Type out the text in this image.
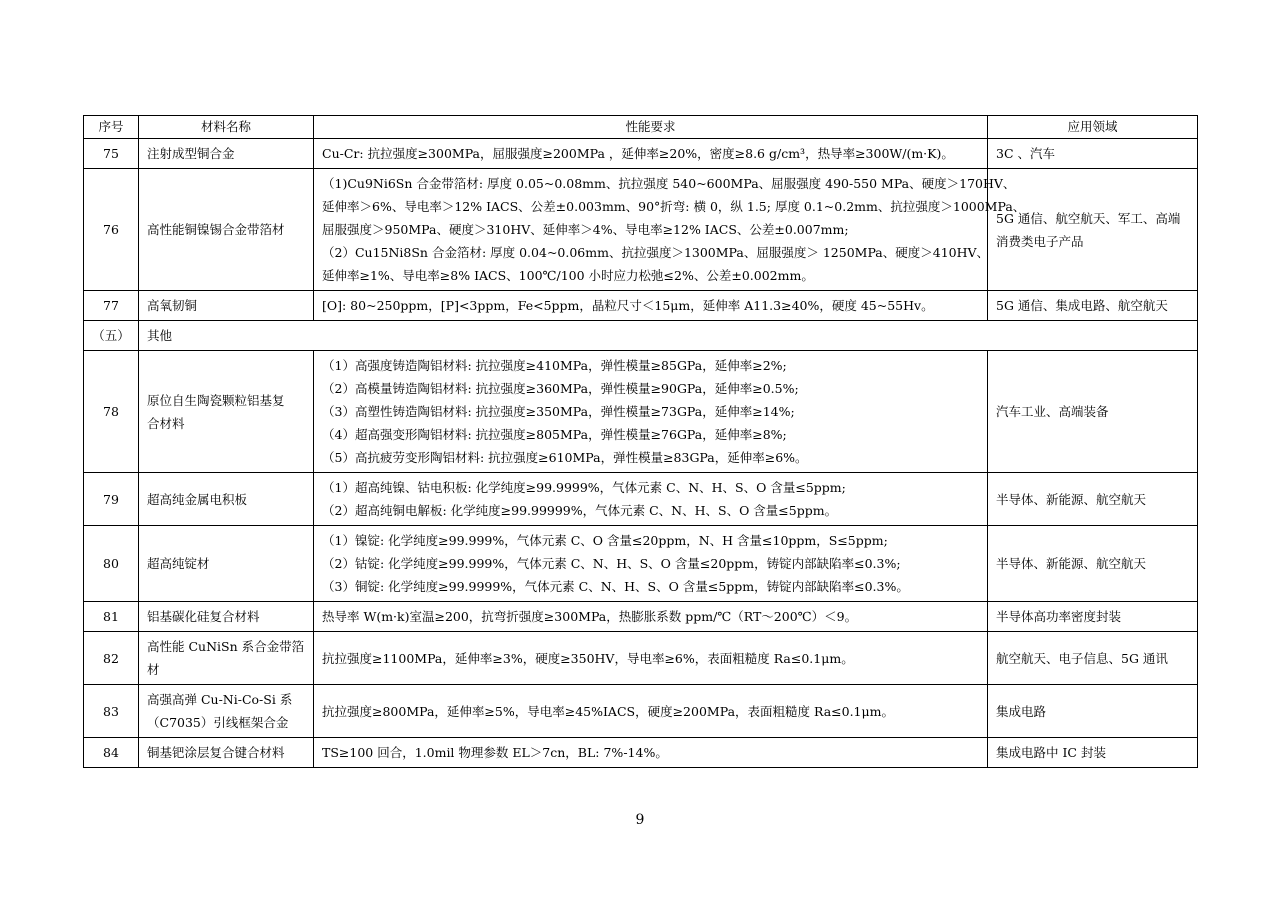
序号	材料名称	性能要求	应用领域
75	注射成型铜合金	Cu-Cr: 抗拉强度≥300MPa，屈服强度≥200MPa ，延伸率≥20%，密度≥8.6 g/cm³，热导率≥300W/(m·K)。	3C 、汽车

76	高性能铜镍锡合金带箔材	（1)Cu9Ni6Sn 合金带箔材: 厚度 0.05~0.08mm、抗拉强度 540~600MPa、屈服强度 490-550 MPa、硬度＞170HV、
延伸率＞6%、导电率＞12% IACS、公差±0.003mm、90°折弯: 横 0，纵 1.5; 厚度 0.1~0.2mm、抗拉强度＞1000MPa、
屈服强度＞950MPa、硬度＞310HV、延伸率＞4%、导电率≥12% IACS、公差±0.007mm;
（2）Cu15Ni8Sn 合金箔材: 厚度 0.04~0.06mm、抗拉强度＞1300MPa、屈服强度＞ 1250MPa、硬度＞410HV、
延伸率≥1%、导电率≥8% IACS、100℃/100 小时应力松弛≤2%、公差±0.002mm。	5G 通信、航空航天、军工、高端
消费类电子产品

77	高氧韧铜	[O]: 80~250ppm，[P]<3ppm，Fe<5ppm，晶粒尺寸＜15μm，延伸率 A11.3≥40%，硬度 45~55Hv。	5G 通信、集成电路、航空航天

（五）	其他		
78	原位自生陶瓷颗粒铝基复
合材料	（1）高强度铸造陶铝材料: 抗拉强度≥410MPa，弹性模量≥85GPa，延伸率≥2%;
（2）高模量铸造陶铝材料: 抗拉强度≥360MPa，弹性模量≥90GPa，延伸率≥0.5%;
（3）高塑性铸造陶铝材料: 抗拉强度≥350MPa，弹性模量≥73GPa，延伸率≥14%;
（4）超高强变形陶铝材料: 抗拉强度≥805MPa，弹性模量≥76GPa，延伸率≥8%;
（5）高抗疲劳变形陶铝材料: 抗拉强度≥610MPa，弹性模量≥83GPa，延伸率≥6%。	汽车工业、高端装备

79	超高纯金属电积板	（1）超高纯镍、钴电积板: 化学纯度≥99.9999%，气体元素 C、N、H、S、O 含量≤5ppm;
（2）超高纯铜电解板: 化学纯度≥99.99999%，气体元素 C、N、H、S、O 含量≤5ppm。	半导体、新能源、航空航天

80	超高纯锭材	（1）镍锭: 化学纯度≥99.999%，气体元素 C、O 含量≤20ppm，N、H 含量≤10ppm，S≤5ppm;
（2）钴锭: 化学纯度≥99.999%，气体元素 C、N、H、S、O 含量≤20ppm，铸锭内部缺陷率≤0.3%;
（3）铜锭: 化学纯度≥99.9999%，气体元素 C、N、H、S、O 含量≤5ppm，铸锭内部缺陷率≤0.3%。	半导体、新能源、航空航天

81	铝基碳化硅复合材料	热导率 W(m·k)室温≥200，抗弯折强度≥300MPa，热膨胀系数 ppm/℃（RT～200℃）＜9。	半导体高功率密度封装

82	高性能 CuNiSn 系合金带箔
材	抗拉强度≥1100MPa，延伸率≥3%，硬度≥350HV，导电率≥6%，表面粗糙度 Ra≤0.1μm。	航空航天、电子信息、5G 通讯

83	高强高弹 Cu-Ni-Co-Si 系
（C7035）引线框架合金	抗拉强度≥800MPa，延伸率≥5%，导电率≥45%IACS，硬度≥200MPa，表面粗糙度 Ra≤0.1μm。	集成电路

84	铜基钯涂层复合键合材料	TS≥100 回合，1.0mil 物理参数 EL＞7cn，BL: 7%-14%。	集成电路中 IC 封装
9
